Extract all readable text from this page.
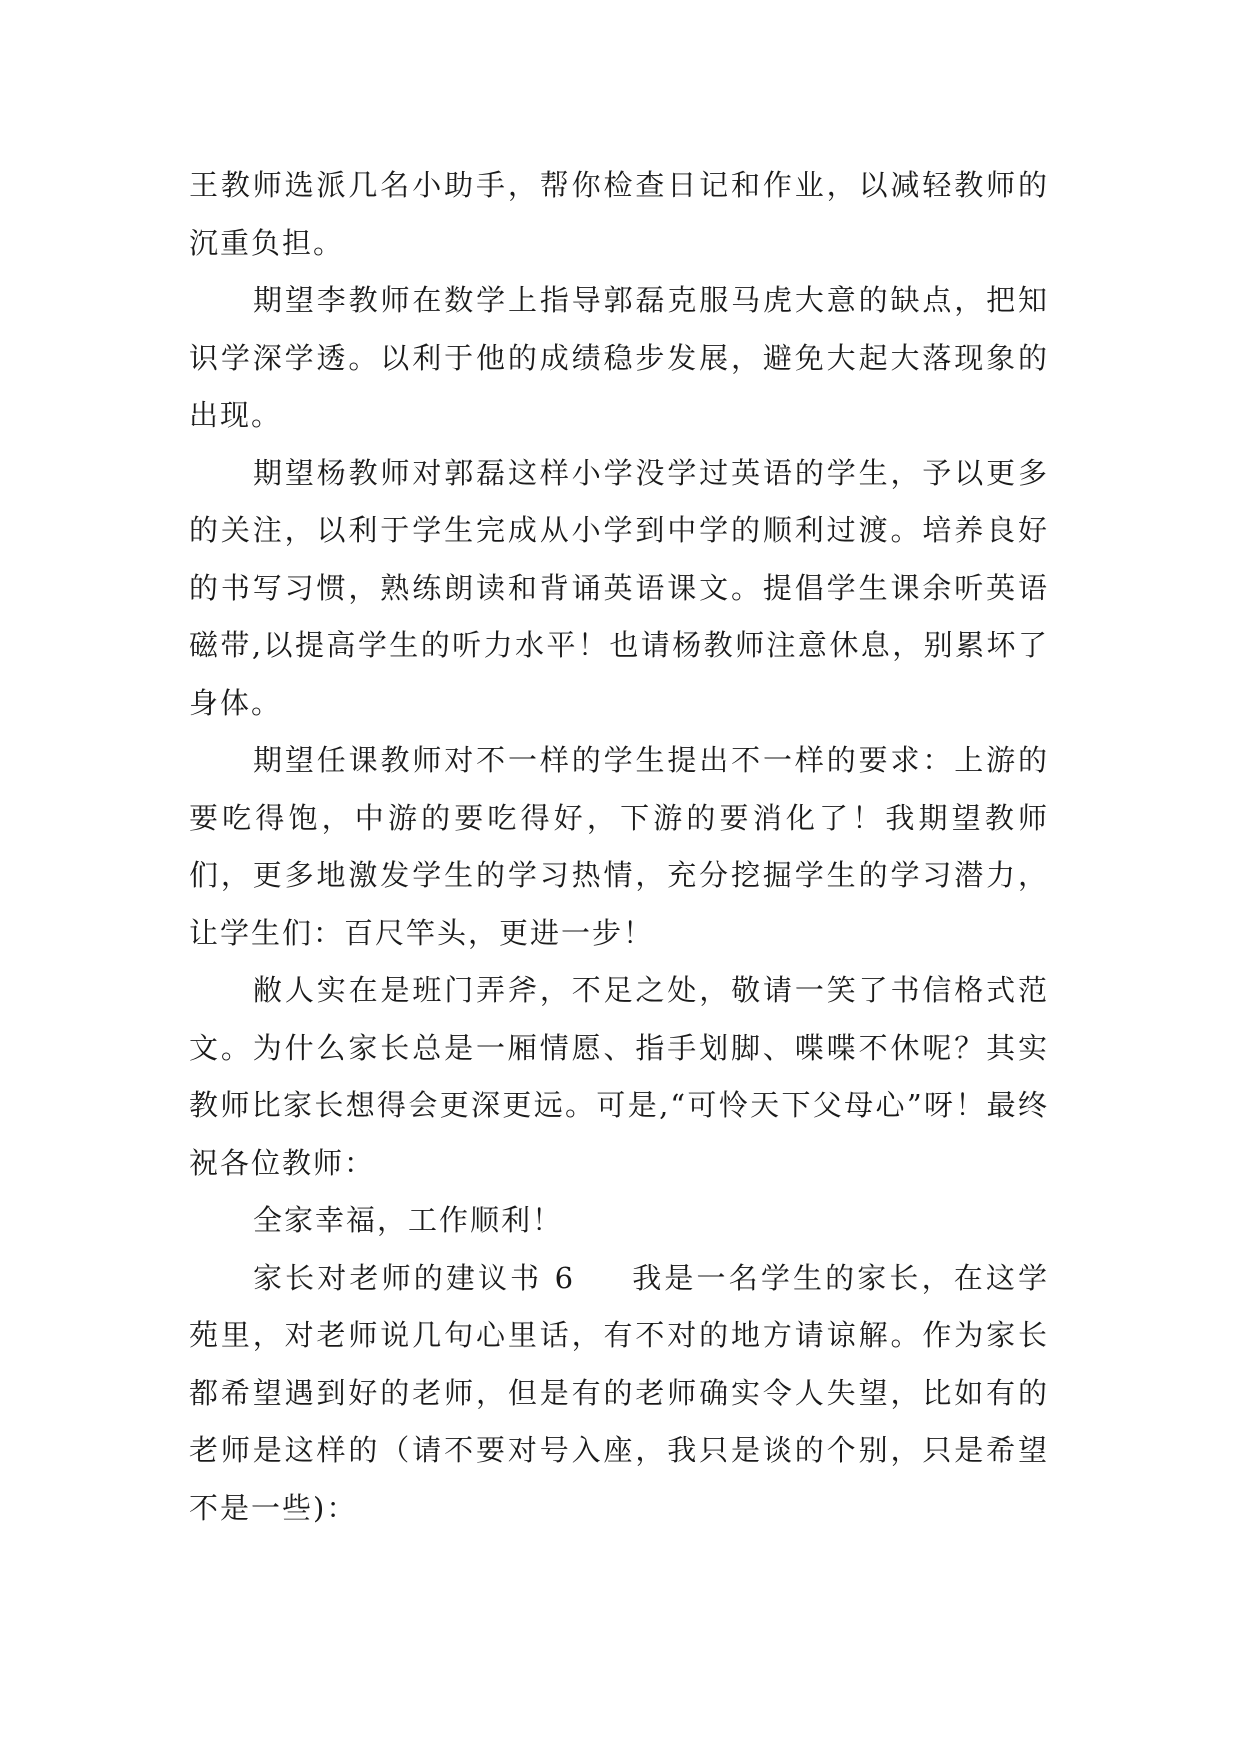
王教师选派几名小助手，帮你检查日记和作业，以减轻教师的沉重负担。

期望李教师在数学上指导郭磊克服马虎大意的缺点，把知识学深学透。以利于他的成绩稳步发展，避免大起大落现象的出现。

期望杨教师对郭磊这样小学没学过英语的学生，予以更多的关注，以利于学生完成从小学到中学的顺利过渡。培养良好的书写习惯，熟练朗读和背诵英语课文。提倡学生课余听英语磁带,以提高学生的听力水平！也请杨教师注意休息，别累坏了身体。

期望任课教师对不一样的学生提出不一样的要求：上游的要吃得饱，中游的要吃得好，下游的要消化了！我期望教师们，更多地激发学生的学习热情，充分挖掘学生的学习潜力，让学生们：百尺竿头，更进一步！

敝人实在是班门弄斧，不足之处，敬请一笑了书信格式范文。为什么家长总是一厢情愿、指手划脚、喋喋不休呢？其实教师比家长想得会更深更远。可是,“可怜天下父母心”呀！最终祝各位教师：

全家幸福，工作顺利！

家长对老师的建议书 6 我是一名学生的家长，在这学苑里，对老师说几句心里话，有不对的地方请谅解。作为家长都希望遇到好的老师，但是有的老师确实令人失望，比如有的老师是这样的（请不要对号入座，我只是谈的个别，只是希望不是一些)：
